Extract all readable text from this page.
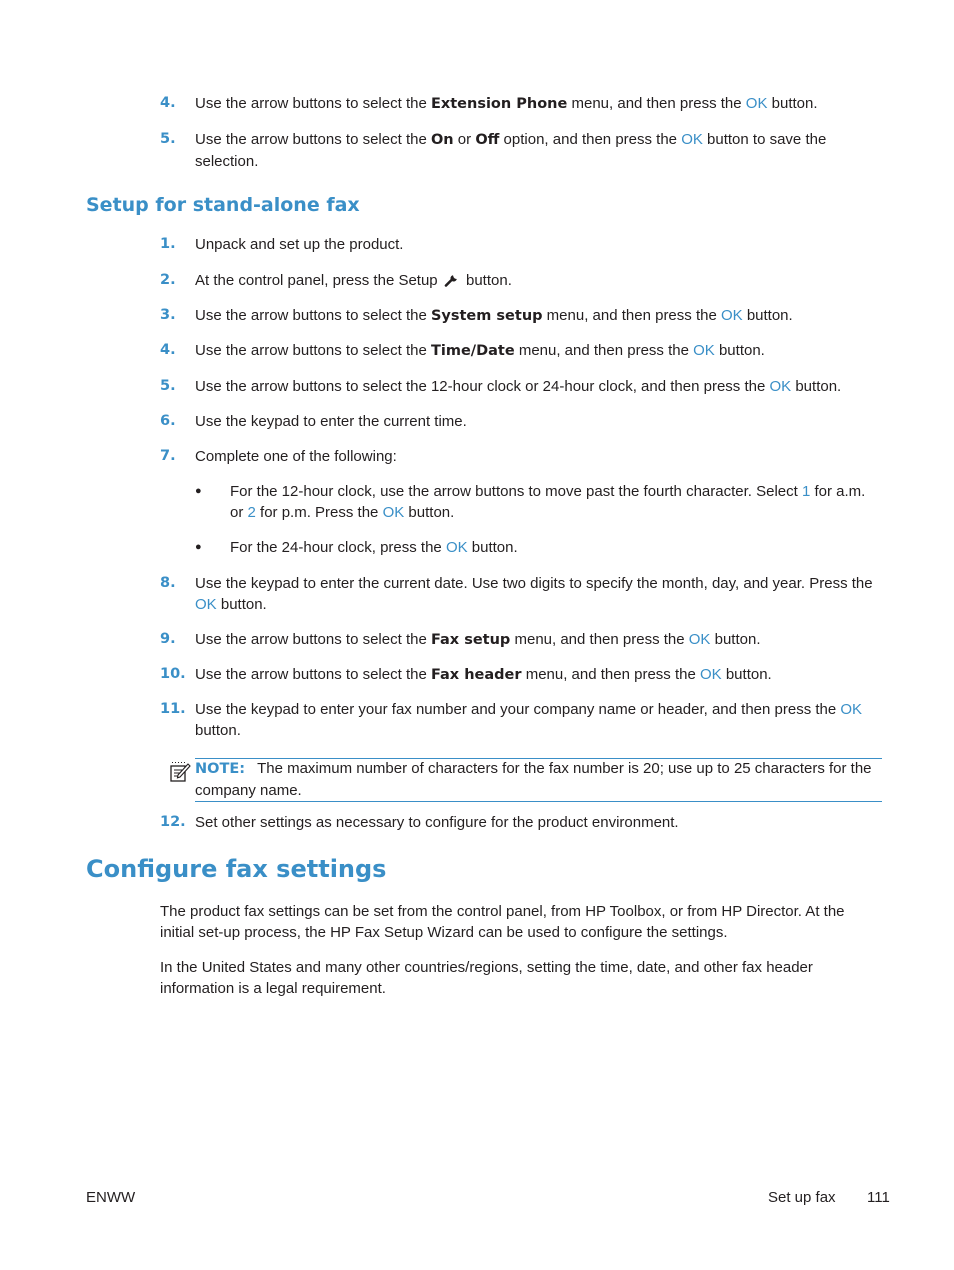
4. Use the arrow buttons to select the Extension Phone menu, and then press the OK button.
5. Use the arrow buttons to select the On or Off option, and then press the OK button to save the selection.
Setup for stand-alone fax
1. Unpack and set up the product.
2. At the control panel, press the Setup  button.
3. Use the arrow buttons to select the System setup menu, and then press the OK button.
4. Use the arrow buttons to select the Time/Date menu, and then press the OK button.
5. Use the arrow buttons to select the 12-hour clock or 24-hour clock, and then press the OK button.
6. Use the keypad to enter the current time.
7. Complete one of the following:
● For the 12-hour clock, use the arrow buttons to move past the fourth character. Select 1 for a.m. or 2 for p.m. Press the OK button.
● For the 24-hour clock, press the OK button.
8. Use the keypad to enter the current date. Use two digits to specify the month, day, and year. Press the OK button.
9. Use the arrow buttons to select the Fax setup menu, and then press the OK button.
10. Use the arrow buttons to select the Fax header menu, and then press the OK button.
11. Use the keypad to enter your fax number and your company name or header, and then press the OK button.
NOTE: The maximum number of characters for the fax number is 20; use up to 25 characters for the company name.
12. Set other settings as necessary to configure for the product environment.
Configure fax settings

The product fax settings can be set from the control panel, from HP Toolbox, or from HP Director. At the initial set-up process, the HP Fax Setup Wizard can be used to configure the settings.

In the United States and many other countries/regions, setting the time, date, and other fax header information is a legal requirement.

ENWW	Set up fax 111
